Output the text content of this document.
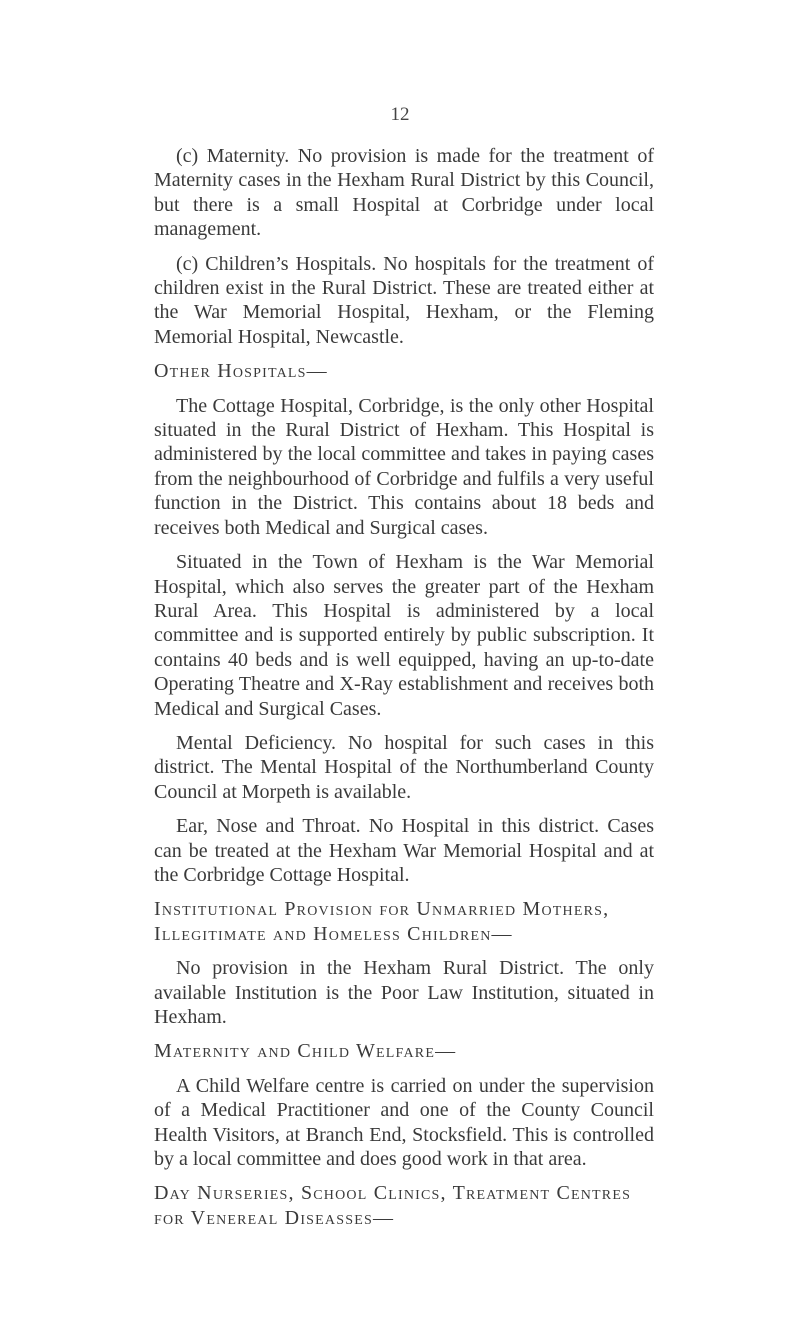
12

(c) Maternity. No provision is made for the treatment of Maternity cases in the Hexham Rural District by this Council, but there is a small Hospital at Corbridge under local management.

(c) Children’s Hospitals. No hospitals for the treatment of children exist in the Rural District. These are treated either at the War Memorial Hospital, Hexham, or the Fleming Memorial Hospital, Newcastle.

Other Hospitals—

The Cottage Hospital, Corbridge, is the only other Hospital situated in the Rural District of Hexham. This Hospital is administered by the local committee and takes in paying cases from the neighbourhood of Corbridge and fulfils a very useful function in the District. This contains about 18 beds and receives both Medical and Surgical cases.

Situated in the Town of Hexham is the War Memorial Hospital, which also serves the greater part of the Hexham Rural Area. This Hospital is administered by a local committee and is supported entirely by public subscription. It contains 40 beds and is well equipped, having an up-to-date Operating Theatre and X-Ray establishment and receives both Medical and Surgical Cases.

Mental Deficiency. No hospital for such cases in this district. The Mental Hospital of the Northumberland County Council at Morpeth is available.

Ear, Nose and Throat. No Hospital in this district. Cases can be treated at the Hexham War Memorial Hospital and at the Corbridge Cottage Hospital.

Institutional Provision for Unmarried Mothers, Illegitimate and Homeless Children—

No provision in the Hexham Rural District. The only available Institution is the Poor Law Institution, situated in Hexham.

Maternity and Child Welfare—

A Child Welfare centre is carried on under the supervision of a Medical Practitioner and one of the County Council Health Visitors, at Branch End, Stocksfield. This is controlled by a local committee and does good work in that area.

Day Nurseries, School Clinics, Treatment Centres for Venereal Diseasses—
